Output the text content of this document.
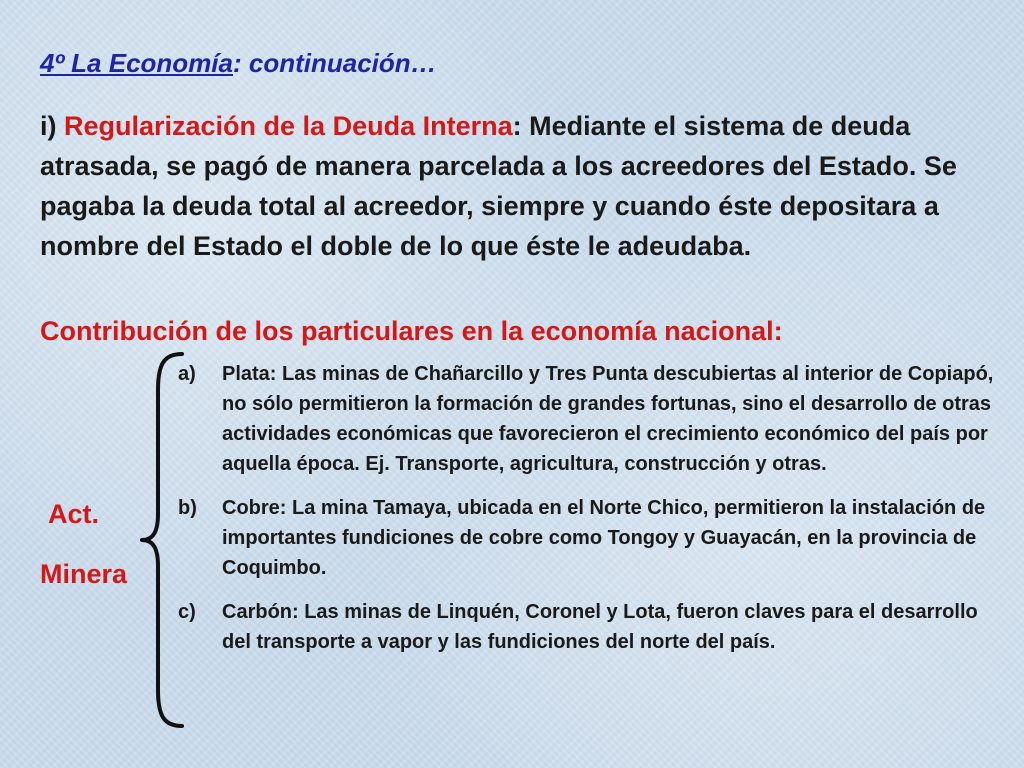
4º La Economía: continuación…

i) Regularización de la Deuda Interna: Mediante el sistema de deuda atrasada, se pagó de manera parcelada a los acreedores del Estado. Se pagaba la deuda total al acreedor, siempre y cuando éste depositara a nombre del Estado el doble de lo que éste le adeudaba.

Contribución de los particulares en la economía nacional:

Act.
Minera
a)	Plata: Las minas de Chañarcillo y Tres Punta descubiertas al interior de Copiapó, no sólo permitieron la formación de grandes fortunas, sino el desarrollo de otras actividades económicas que favorecieron el crecimiento económico del país por aquella época. Ej. Transporte, agricultura, construcción y otras.
b)	Cobre: La mina Tamaya, ubicada en el Norte Chico, permitieron la instalación de importantes fundiciones de cobre como Tongoy y Guayacán, en la provincia de Coquimbo.
c)	Carbón: Las minas de Linquén, Coronel y Lota, fueron claves para el desarrollo del transporte a vapor y las fundiciones del norte del país.
